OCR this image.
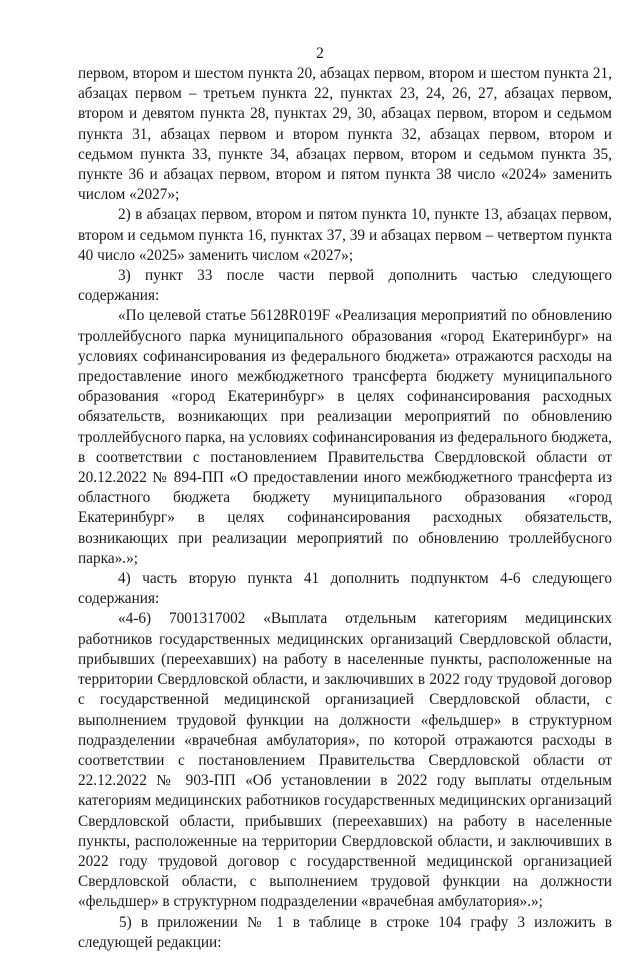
2

первом, втором и шестом пункта 20, абзацах первом, втором и шестом пункта 21, абзацах первом – третьем пункта 22, пунктах 23, 24, 26, 27, абзацах первом, втором и девятом пункта 28, пунктах 29, 30, абзацах первом, втором и седьмом пункта 31, абзацах первом и втором пункта 32, абзацах первом, втором и седьмом пункта 33, пункте 34, абзацах первом, втором и седьмом пункта 35, пункте 36 и абзацах первом, втором и пятом пункта 38 число «2024» заменить числом «2027»;

2) в абзацах первом, втором и пятом пункта 10, пункте 13, абзацах первом, втором и седьмом пункта 16, пунктах 37, 39 и абзацах первом – четвертом пункта 40 число «2025» заменить числом «2027»;

3) пункт 33 после части первой дополнить частью следующего содержания:

«По целевой статье 56128R019F «Реализация мероприятий по обновлению троллейбусного парка муниципального образования «город Екатеринбург» на условиях софинансирования из федерального бюджета» отражаются расходы на предоставление иного межбюджетного трансферта бюджету муниципального образования «город Екатеринбург» в целях софинансирования расходных обязательств, возникающих при реализации мероприятий по обновлению троллейбусного парка, на условиях софинансирования из федерального бюджета, в соответствии с постановлением Правительства Свердловской области от 20.12.2022 № 894-ПП «О предоставлении иного межбюджетного трансферта из областного бюджета бюджету муниципального образования «город Екатеринбург» в целях софинансирования расходных обязательств, возникающих при реализации мероприятий по обновлению троллейбусного парка».»;

4) часть вторую пункта 41 дополнить подпунктом 4-6 следующего содержания:

«4-6) 7001317002 «Выплата отдельным категориям медицинских работников государственных медицинских организаций Свердловской области, прибывших (переехавших) на работу в населенные пункты, расположенные на территории Свердловской области, и заключивших в 2022 году трудовой договор с государственной медицинской организацией Свердловской области, с выполнением трудовой функции на должности «фельдшер» в структурном подразделении «врачебная амбулатория», по которой отражаются расходы в соответствии с постановлением Правительства Свердловской области от 22.12.2022 № 903-ПП «Об установлении в 2022 году выплаты отдельным категориям медицинских работников государственных медицинских организаций Свердловской области, прибывших (переехавших) на работу в населенные пункты, расположенные на территории Свердловской области, и заключивших в 2022 году трудовой договор с государственной медицинской организацией Свердловской области, с выполнением трудовой функции на должности «фельдшер» в структурном подразделении «врачебная амбулатория».»;

5) в приложении № 1 в таблице в строке 104 графу 3 изложить в следующей редакции:
